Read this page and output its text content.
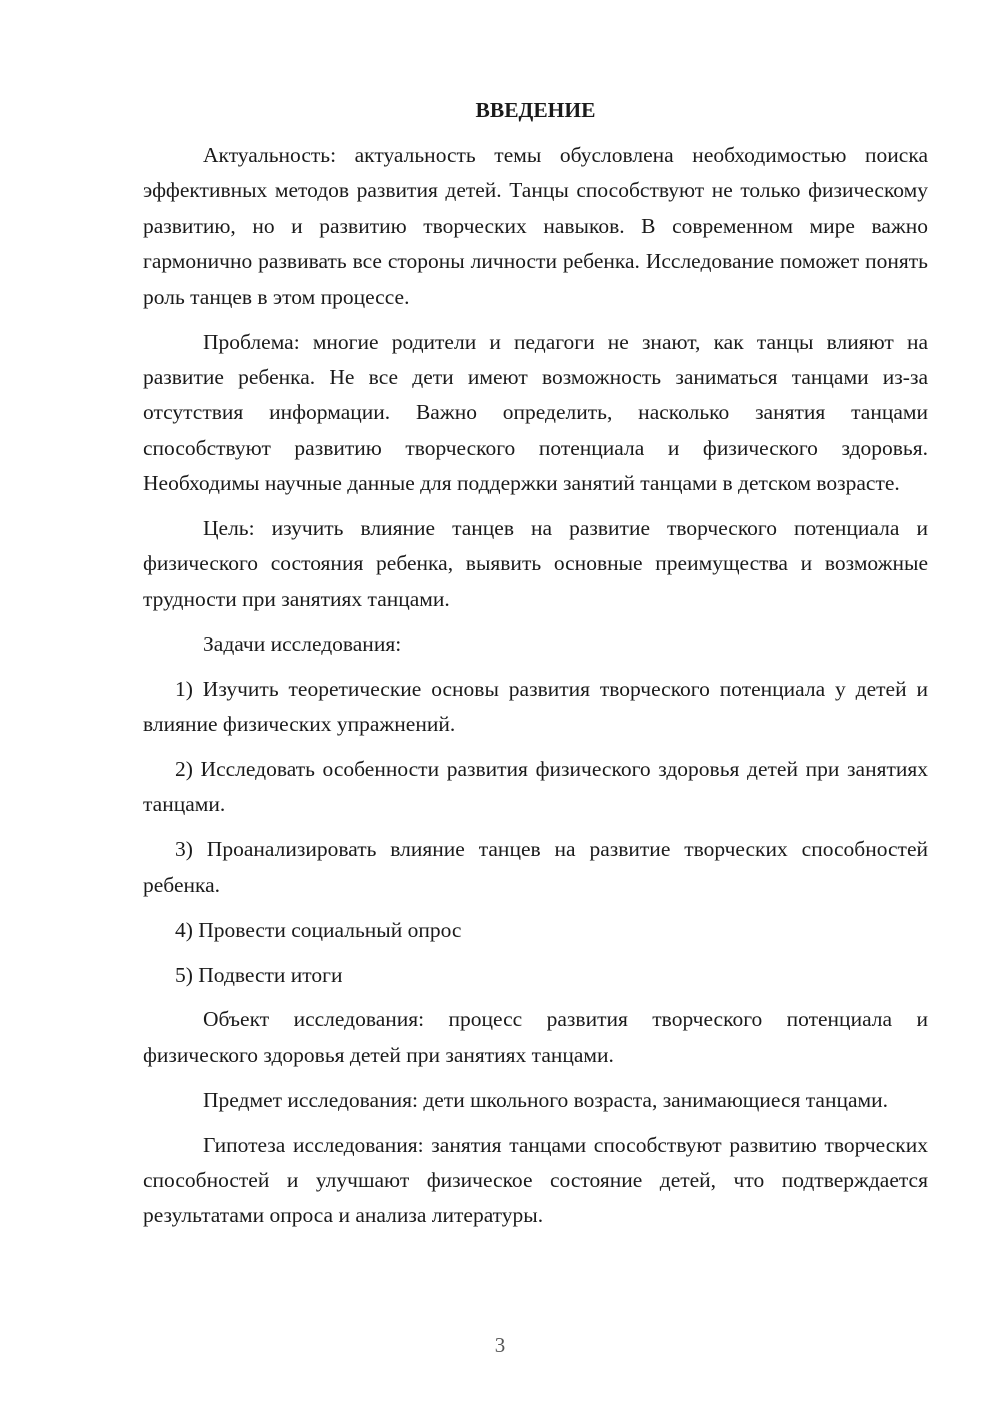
ВВЕДЕНИЕ

Актуальность: актуальность темы обусловлена необходимостью поиска эффективных методов развития детей. Танцы способствуют не только физическому развитию, но и развитию творческих навыков. В современном мире важно гармонично развивать все стороны личности ребенка. Исследование поможет понять роль танцев в этом процессе.

Проблема: многие родители и педагоги не знают, как танцы влияют на развитие ребенка. Не все дети имеют возможность заниматься танцами из-за отсутствия информации. Важно определить, насколько занятия танцами способствуют развитию творческого потенциала и физического здоровья. Необходимы научные данные для поддержки занятий танцами в детском возрасте.

Цель: изучить влияние танцев на развитие творческого потенциала и физического состояния ребенка, выявить основные преимущества и возможные трудности при занятиях танцами.

Задачи исследования:

1) Изучить теоретические основы развития творческого потенциала у детей и влияние физических упражнений.

2) Исследовать особенности развития физического здоровья детей при занятиях танцами.

3) Проанализировать влияние танцев на развитие творческих способностей ребенка.

4) Провести социальный опрос

5) Подвести итоги

Объект исследования: процесс развития творческого потенциала и физического здоровья детей при занятиях танцами.

Предмет исследования: дети школьного возраста, занимающиеся танцами.

Гипотеза исследования: занятия танцами способствуют развитию творческих способностей и улучшают физическое состояние детей, что подтверждается результатами опроса и анализа литературы.

3
